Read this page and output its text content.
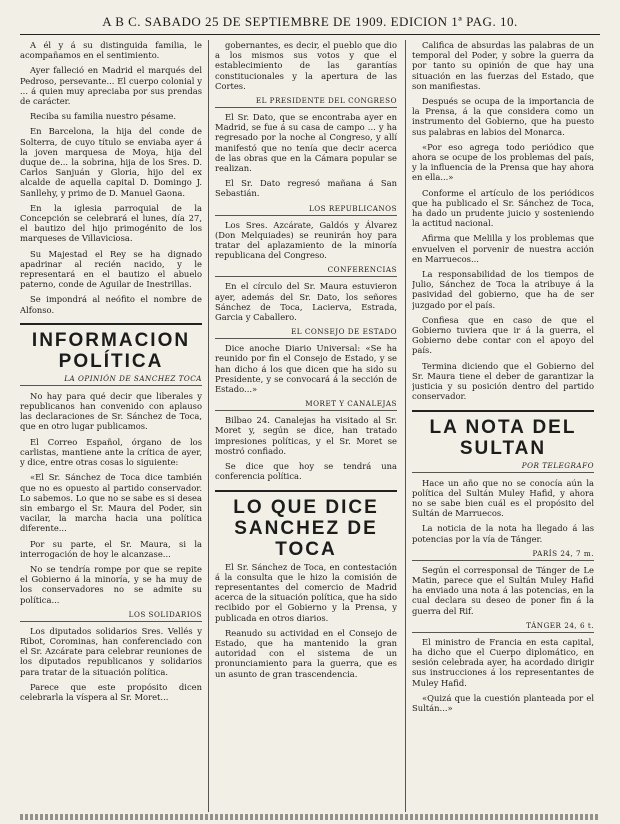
A B C. SABADO 25 DE SEPTIEMBRE DE 1909. EDICION 1ª PAG. 10.

A él y á su distinguida familia, le acompañamos en el sentimiento.

Ayer falleció en Madrid el marqués del Pedroso, persevante... El cuerpo colonial y ... á quien muy apreciaba por sus prendas de carácter.

Reciba su familia nuestro pésame.

En Barcelona, la hija del conde de Solterra, de cuyo título se enviaba ayer á la joven marquesa de Moya, hija del duque de... la sobrina, hija de los Sres. D. Carlos Sanjuán y Gloria, hijo del ex alcalde de aquella capital D. Domingo J. Sanllehy, y primo de D. Manuel Gaona.

En la iglesia parroquial de la Concepción se celebrará el lunes, día 27, el bautizo del hijo primogénito de los marqueses de Villaviciosa.

Su Majestad el Rey se ha dignado apadrinar al recién nacido, y le representará en el bautizo el abuelo paterno, conde de Aguilar de Inestrillas.

Se impondrá al neófito el nombre de Alfonso.

INFORMACION POLÍTICA
LA OPINIÓN DE SANCHEZ TOCA

No hay para qué decir que liberales y republicanos han convenido con aplauso las declaraciones de Sr. Sánchez de Toca, que en otro lugar publicamos.

El Correo Español, órgano de los carlistas, mantiene ante la crítica de ayer, y dice, entre otras cosas lo siguiente:

«El Sr. Sánchez de Toca dice también que no es opuesto al partido conservador. Lo sabemos. Lo que no se sabe es si desea sin embargo el Sr. Maura del Poder, sin vacilar, la marcha hacia una política diferente...

Por su parte, el Sr. Maura, si la interrogación de hoy le alcanzase...

No se tendría rompe por que se repite el Gobierno á la minoría, y se ha muy de los conservadores no se admite su política...

LOS SOLIDARIOS

Los diputados solidarios Sres. Vellés y Ribot, Corominas, han conferenciado con el Sr. Azcárate para celebrar reuniones de los diputados republicanos y solidarios para tratar de la situación política.

Parece que este propósito dicen celebrarla la víspera al Sr. Moret...

gobernantes, es decir, el pueblo que dio a los mismos sus votos y que el establecimiento de las garantías constitucionales y la apertura de las Cortes.

EL PRESIDENTE DEL CONGRESO

El Sr. Dato, que se encontraba ayer en Madrid, se fue á su casa de campo ... y ha regresado por la noche al Congreso, y allí manifestó que no tenía que decir acerca de las obras que en la Cámara popular se realizan.

El Sr. Dato regresó mañana á San Sebastián.

LOS REPUBLICANOS

Los Sres. Azcárate, Galdós y Álvarez (Don Melquiades) se reunirán hoy para tratar del aplazamiento de la minoría republicana del Congreso.

CONFERENCIAS

En el círculo del Sr. Maura estuvieron ayer, además del Sr. Dato, los señores Sánchez de Toca, Lacierva, Estrada, Garcia y Caballero.

EL CONSEJO DE ESTADO

Dice anoche Diario Universal: «Se ha reunido por fin el Consejo de Estado, y se han dicho á los que dicen que ha sido su Presidente, y se convocará á la sección de Estado...»

MORET Y CANALEJAS

Bilbao 24. Canalejas ha visitado al Sr. Moret y, según se dice, han tratado impresiones políticas, y el Sr. Moret se mostró confiado.

Se dice que hoy se tendrá una conferencia política.

LO QUE DICE SANCHEZ DE TOCA

El Sr. Sánchez de Toca, en contestación á la consulta que le hizo la comisión de representantes del comercio de Madrid acerca de la situación política, que ha sido recibido por el Gobierno y la Prensa, y publicada en otros diarios.

Reanudo su actividad en el Consejo de Estado, que ha mantenido la gran autoridad con el sistema de un pronunciamiento para la guerra, que es un asunto de gran trascendencia.

Califica de absurdas las palabras de un temporal del Poder, y sobre la guerra da por tanto su opinión de que hay una situación en las fuerzas del Estado, que son manifiestas.

Después se ocupa de la importancia de la Prensa, á la que considera como un instrumento del Gobierno, que ha puesto sus palabras en labios del Monarca.

«Por eso agrega todo periódico que ahora se ocupe de los problemas del país, y la influencia de la Prensa que hay ahora en ella...»

Conforme el artículo de los periódicos que ha publicado el Sr. Sánchez de Toca, ha dado un prudente juicio y sosteniendo la actitud nacional.

Afirma que Melilla y los problemas que envuelven el porvenir de nuestra acción en Marruecos...

La responsabilidad de los tiempos de Julio, Sánchez de Toca la atribuye á la pasividad del gobierno, que ha de ser juzgado por el país.

Confiesa que en caso de que el Gobierno tuviera que ir á la guerra, el Gobierno debe contar con el apoyo del país.

Termina diciendo que el Gobierno del Sr. Maura tiene el deber de garantizar la justicia y su posición dentro del partido conservador.

LA NOTA DEL SULTAN
POR TELEGRAFO

Hace un año que no se conocía aún la política del Sultán Muley Hafid, y ahora no se sabe bien cuál es el propósito del Sultán de Marruecos.

La noticia de la nota ha llegado á las potencias por la vía de Tánger.

PARÍS 24, 7 m.

Según el corresponsal de Tánger de Le Matin, parece que el Sultán Muley Hafid ha enviado una nota á las potencias, en la cual declara su deseo de poner fin á la guerra del Rif.

TÁNGER 24, 6 t.

El ministro de Francia en esta capital, ha dicho que el Cuerpo diplomático, en sesión celebrada ayer, ha acordado dirigir sus instrucciones á los representantes de Muley Hafid.

«Quizá que la cuestión planteada por el Sultán...»
